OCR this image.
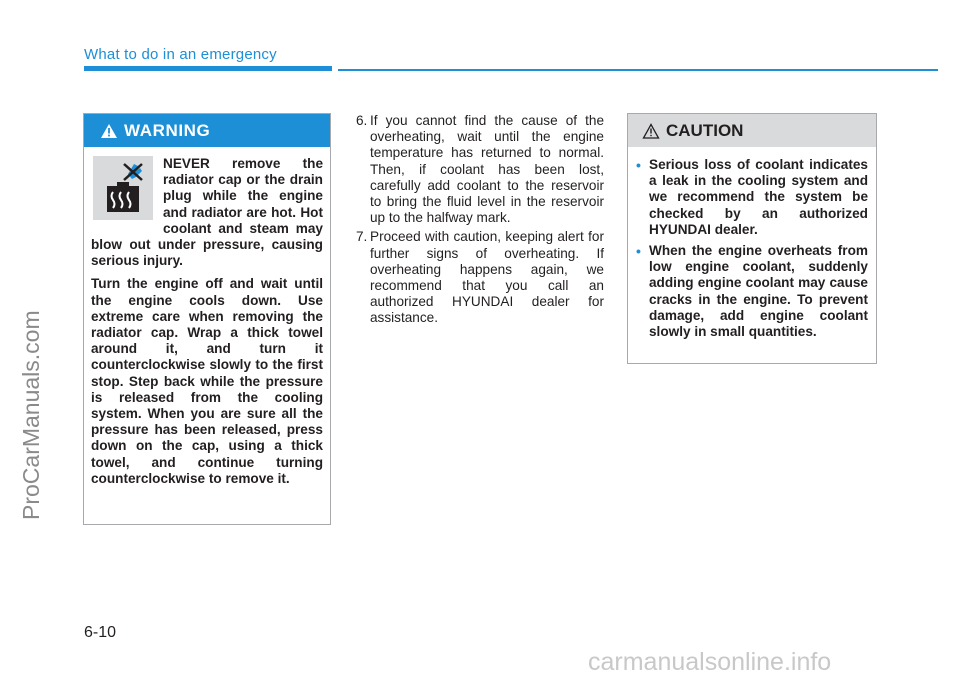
What to do in an emergency
ProCarManuals.com
WARNING

NEVER remove the radiator cap or the drain plug while the engine and radiator are hot. Hot coolant and steam may blow out under pressure, causing serious injury.

Turn the engine off and wait until the engine cools down. Use extreme care when removing the radiator cap. Wrap a thick towel around it, and turn it counterclockwise slowly to the first stop. Step back while the pressure is released from the cooling system. When you are sure all the pressure has been released, press down on the cap, using a thick towel, and continue turning counterclockwise to remove it.

6. If you cannot find the cause of the overheating, wait until the engine temperature has returned to normal. Then, if coolant has been lost, carefully add coolant to the reservoir to bring the fluid level in the reservoir up to the halfway mark.
7. Proceed with caution, keeping alert for further signs of overheating. If overheating happens again, we recommend that you call an authorized HYUNDAI dealer for assistance.
CAUTION
• Serious loss of coolant indicates a leak in the cooling system and we recommend the system be checked by an authorized HYUNDAI dealer.
• When the engine overheats from low engine coolant, suddenly adding engine coolant may cause cracks in the engine. To prevent damage, add engine coolant slowly in small quantities.
6-10
carmanualsonline.info
